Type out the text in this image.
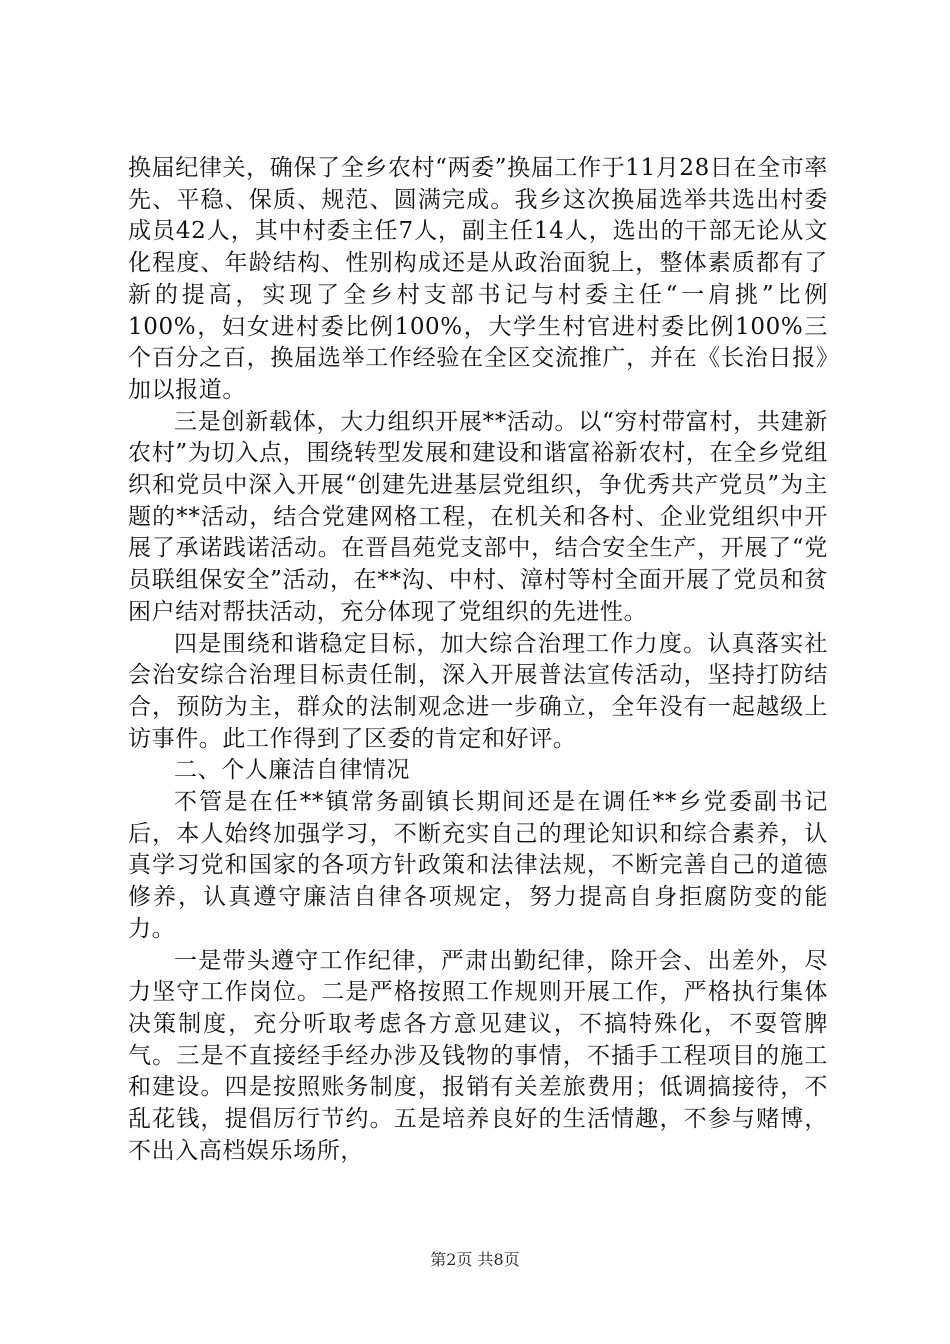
换届纪律关，确保了全乡农村“两委”换届工作于11月28日在全市率先、平稳、保质、规范、圆满完成。我乡这次换届选举共选出村委成员42人，其中村委主任7人，副主任14人，选出的干部无论从文化程度、年龄结构、性别构成还是从政治面貌上，整体素质都有了新的提高，实现了全乡村支部书记与村委主任“一肩挑”比例100%，妇女进村委比例100%，大学生村官进村委比例100%三个百分之百，换届选举工作经验在全区交流推广，并在《长治日报》加以报道。

三是创新载体，大力组织开展**活动。以“穷村带富村，共建新农村”为切入点，围绕转型发展和建设和谐富裕新农村，在全乡党组织和党员中深入开展“创建先进基层党组织，争优秀共产党员”为主题的**活动，结合党建网格工程，在机关和各村、企业党组织中开展了承诺践诺活动。在晋昌苑党支部中，结合安全生产，开展了“党员联组保安全”活动，在**沟、中村、漳村等村全面开展了党员和贫困户结对帮扶活动，充分体现了党组织的先进性。

四是围绕和谐稳定目标，加大综合治理工作力度。认真落实社会治安综合治理目标责任制，深入开展普法宣传活动，坚持打防结合，预防为主，群众的法制观念进一步确立，全年没有一起越级上访事件。此工作得到了区委的肯定和好评。

二、个人廉洁自律情况

不管是在任**镇常务副镇长期间还是在调任**乡党委副书记后，本人始终加强学习，不断充实自己的理论知识和综合素养，认真学习党和国家的各项方针政策和法律法规，不断完善自己的道德修养，认真遵守廉洁自律各项规定，努力提高自身拒腐防变的能力。

一是带头遵守工作纪律，严肃出勤纪律，除开会、出差外，尽力坚守工作岗位。二是严格按照工作规则开展工作，严格执行集体决策制度，充分听取考虑各方意见建议，不搞特殊化，不耍管脾气。三是不直接经手经办涉及钱物的事情，不插手工程项目的施工和建设。四是按照账务制度，报销有关差旅费用；低调搞接待，不乱花钱，提倡厉行节约。五是培养良好的生活情趣，不参与赌博，不出入高档娱乐场所，

第2页 共8页
